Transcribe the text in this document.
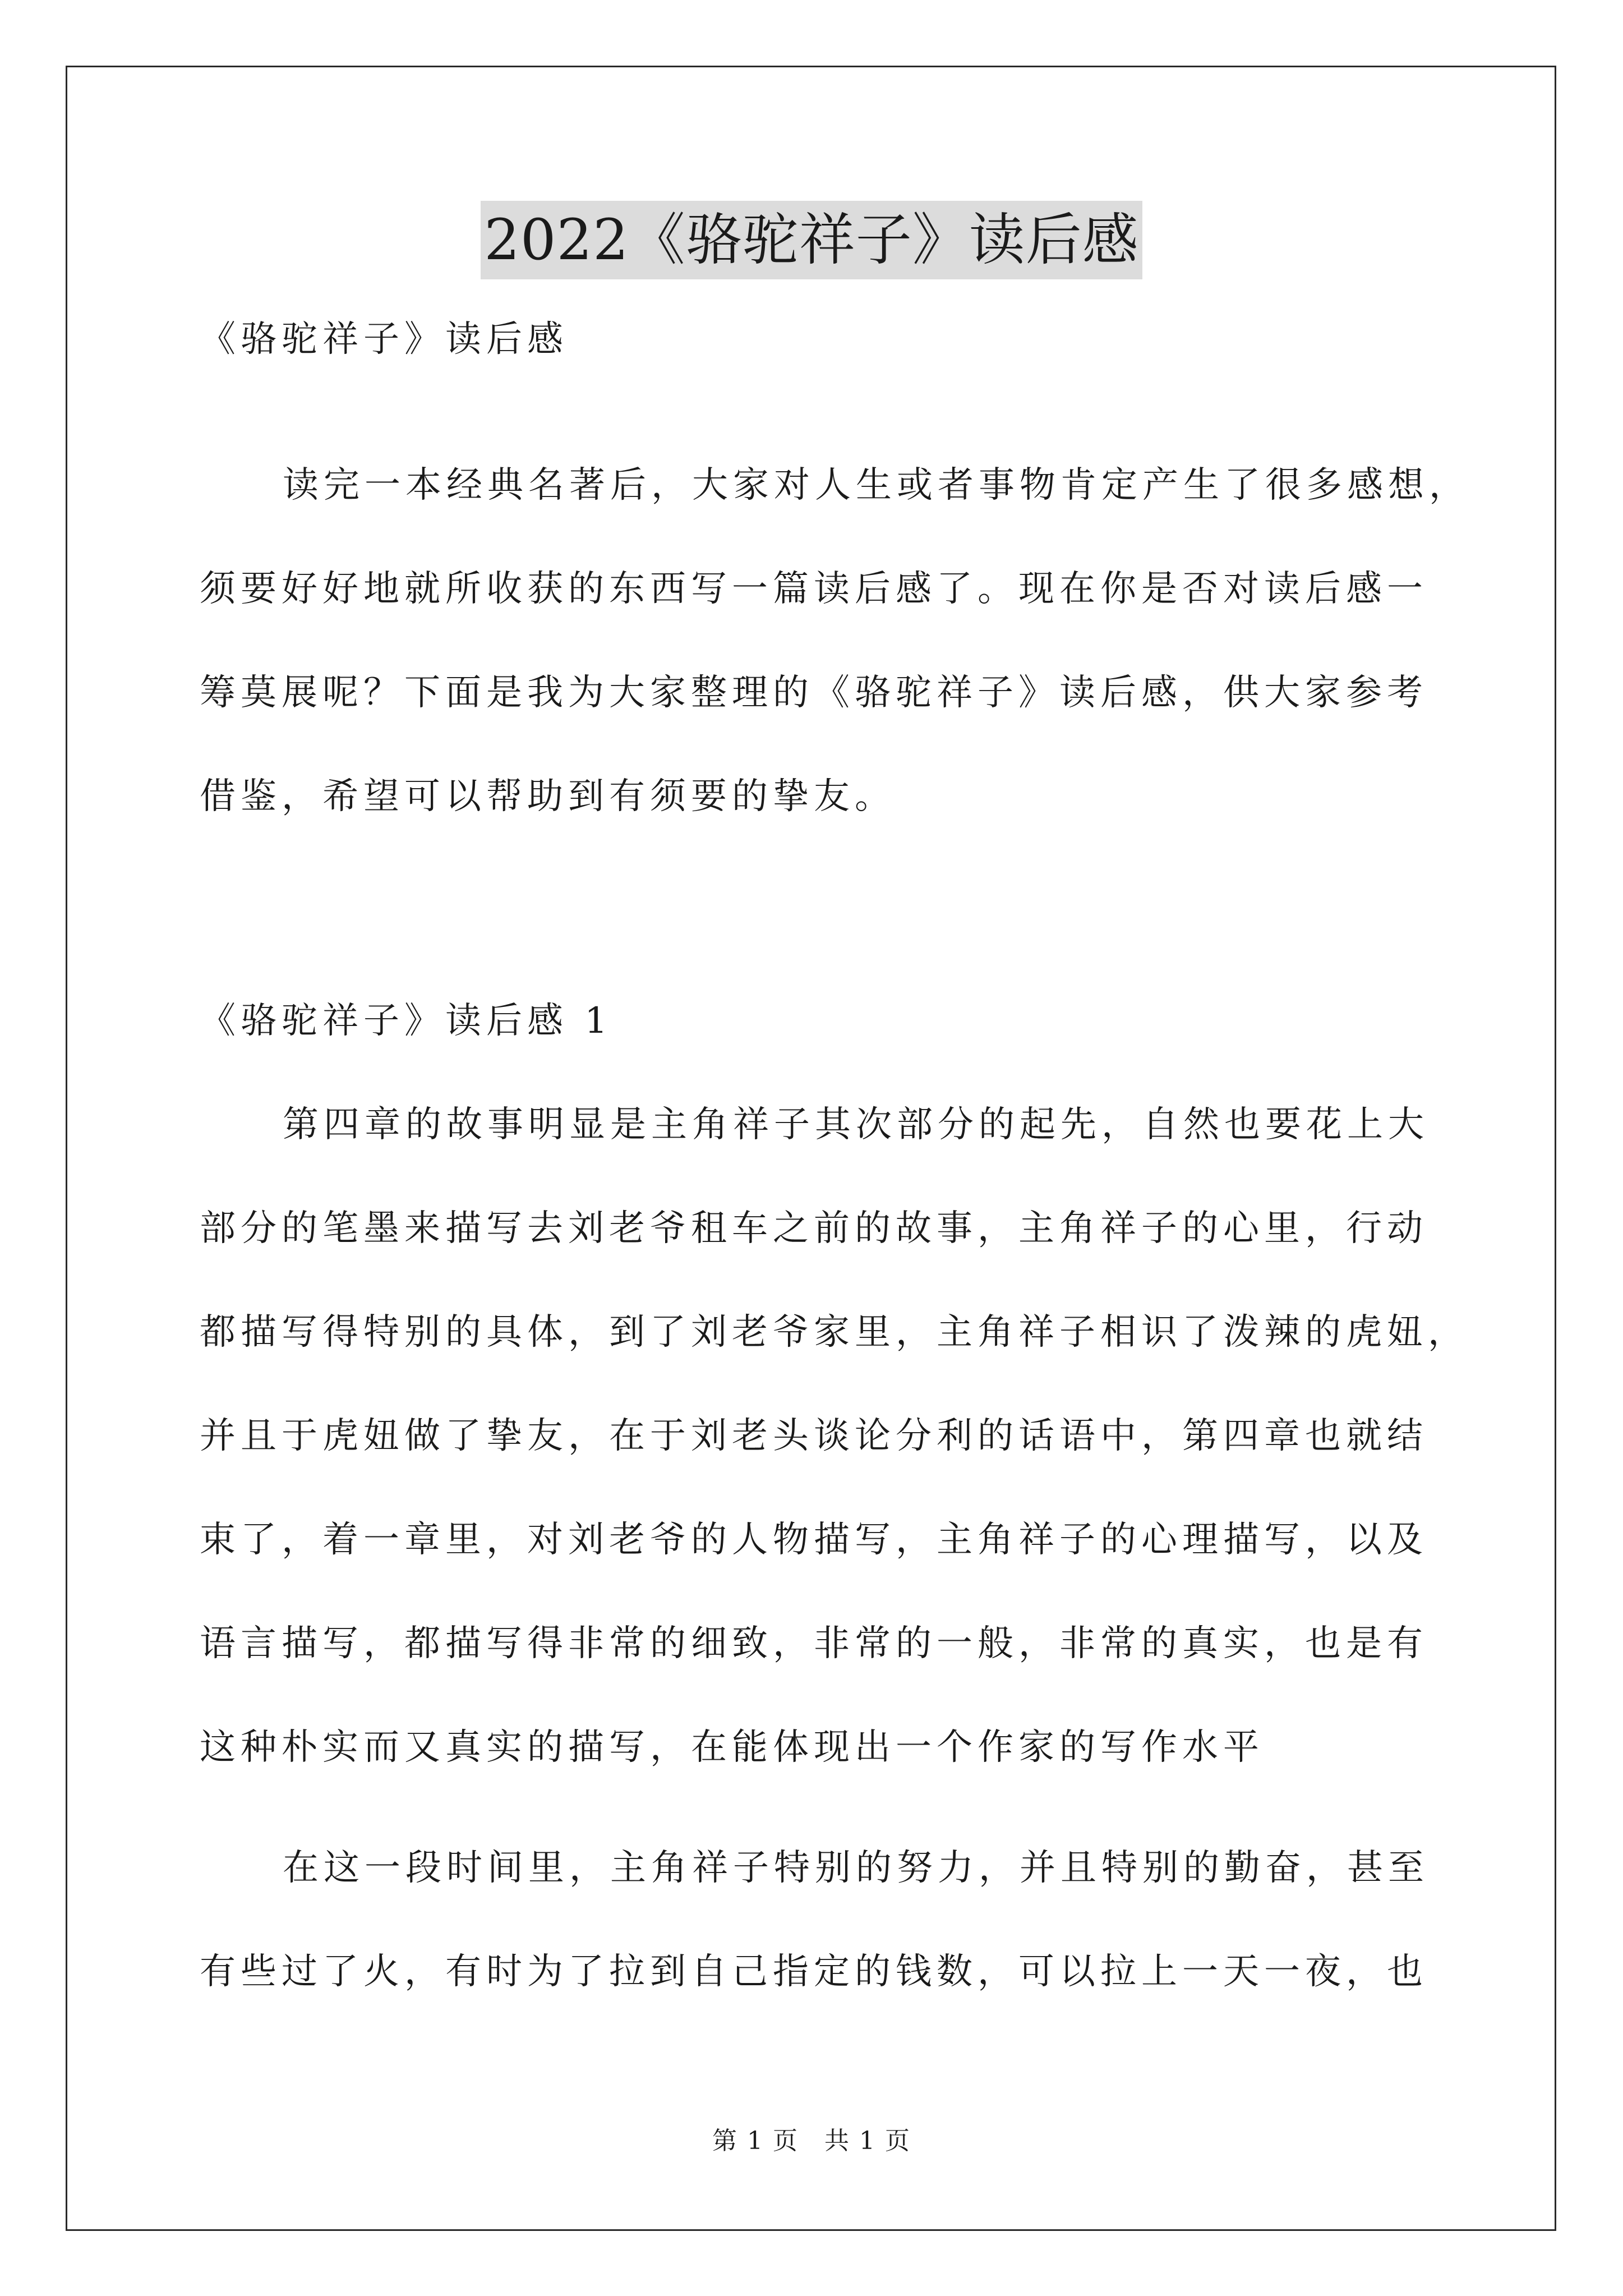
2022《骆驼祥子》读后感
《骆驼祥子》读后感
读完一本经典名著后，大家对人生或者事物肯定产生了很多感想，
须要好好地就所收获的东西写一篇读后感了。现在你是否对读后感一
筹莫展呢？下面是我为大家整理的《骆驼祥子》读后感，供大家参考
借鉴，希望可以帮助到有须要的挚友。
《骆驼祥子》读后感 1
第四章的故事明显是主角祥子其次部分的起先，自然也要花上大
部分的笔墨来描写去刘老爷租车之前的故事，主角祥子的心里，行动
都描写得特别的具体，到了刘老爷家里，主角祥子相识了泼辣的虎妞，
并且于虎妞做了挚友，在于刘老头谈论分利的话语中，第四章也就结
束了，着一章里，对刘老爷的人物描写，主角祥子的心理描写，以及
语言描写，都描写得非常的细致，非常的一般，非常的真实，也是有
这种朴实而又真实的描写，在能体现出一个作家的写作水平
在这一段时间里，主角祥子特别的努力，并且特别的勤奋，甚至
有些过了火，有时为了拉到自己指定的钱数，可以拉上一天一夜，也
第 1 页　共 1 页
